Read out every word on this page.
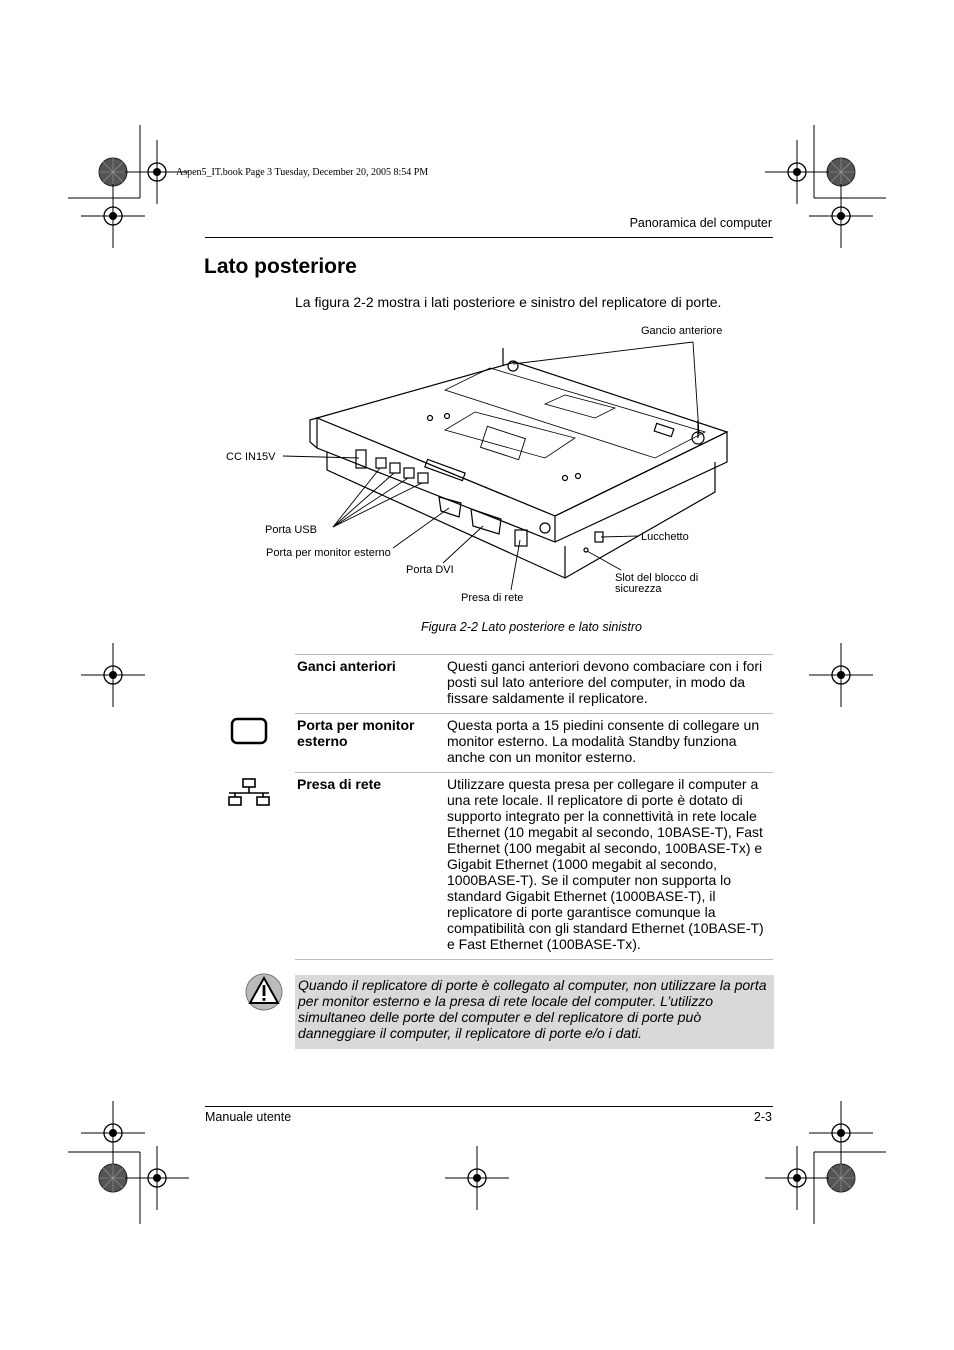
Aspen5_IT.book Page 3 Tuesday, December 20, 2005 8:54 PM
Panoramica del computer
Lato posteriore
La figura 2-2 mostra i lati posteriore e sinistro del replicatore di porte.
Gancio anteriore
CC IN15V
Porta USB
Porta per monitor esterno
Porta DVI
Presa di rete
Lucchetto
Slot del blocco di
sicurezza
Figura 2-2 Lato posteriore e lato sinistro
Ganci anteriori	Questi ganci anteriori devono combaciare con i fori posti sul lato anteriore del computer, in modo da fissare saldamente il replicatore.
Porta per monitor esterno	Questa porta a 15 piedini consente di collegare un monitor esterno. La modalità Standby funziona anche con un monitor esterno.
Presa di rete	Utilizzare questa presa per collegare il computer a una rete locale. Il replicatore di porte è dotato di supporto integrato per la connettività in rete locale Ethernet (10 megabit al secondo, 10BASE-T), Fast Ethernet (100 megabit al secondo, 100BASE-Tx) e Gigabit Ethernet (1000 megabit al secondo, 1000BASE-T). Se il computer non supporta lo standard Gigabit Ethernet (1000BASE-T), il replicatore di porte garantisce comunque la compatibilità con gli standard Ethernet (10BASE-T) e Fast Ethernet (100BASE-Tx).
Quando il replicatore di porte è collegato al computer, non utilizzare la porta per monitor esterno e la presa di rete locale del computer. L’utilizzo simultaneo delle porte del computer e del replicatore di porte può danneggiare il computer, il replicatore di porte e/o i dati.
Manuale utente	2-3
